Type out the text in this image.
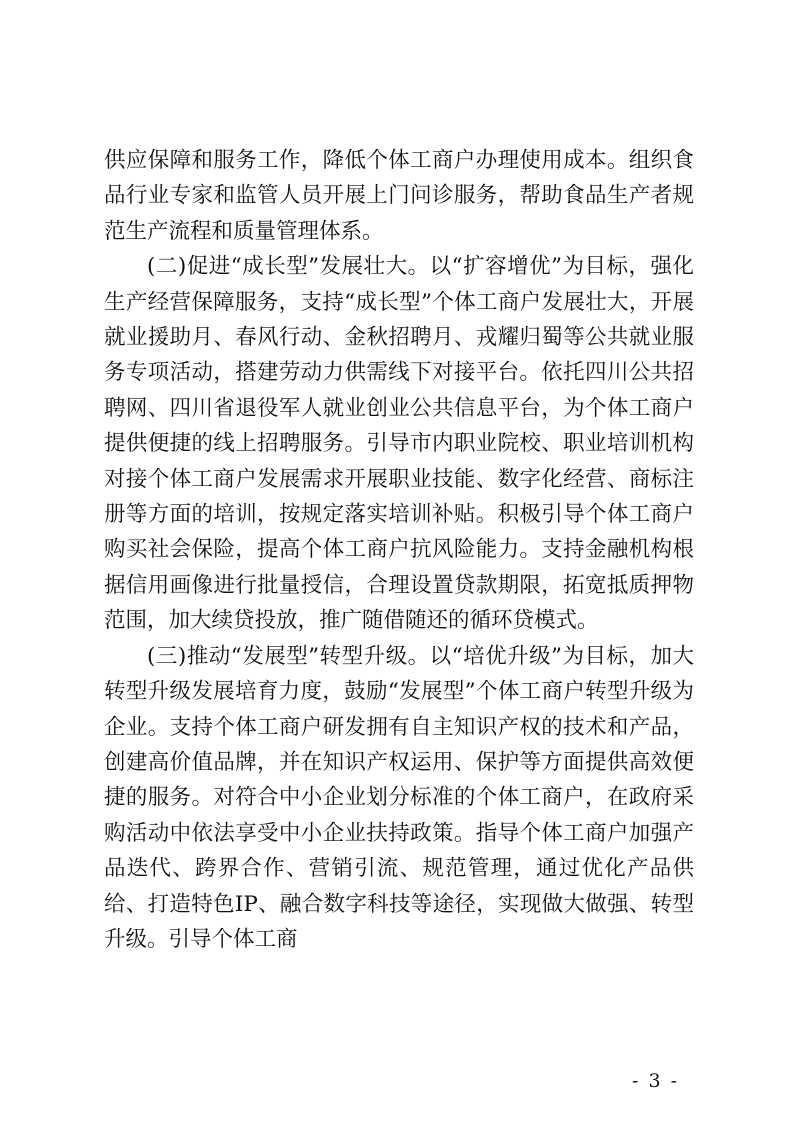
供应保障和服务工作，降低个体工商户办理使用成本。组织食品行业专家和监管人员开展上门问诊服务，帮助食品生产者规范生产流程和质量管理体系。

(二)促进“成长型”发展壮大。以“扩容增优”为目标，强化生产经营保障服务，支持“成长型”个体工商户发展壮大，开展就业援助月、春风行动、金秋招聘月、戎耀归蜀等公共就业服务专项活动，搭建劳动力供需线下对接平台。依托四川公共招聘网、四川省退役军人就业创业公共信息平台，为个体工商户提供便捷的线上招聘服务。引导市内职业院校、职业培训机构对接个体工商户发展需求开展职业技能、数字化经营、商标注册等方面的培训，按规定落实培训补贴。积极引导个体工商户购买社会保险，提高个体工商户抗风险能力。支持金融机构根据信用画像进行批量授信，合理设置贷款期限，拓宽抵质押物范围，加大续贷投放，推广随借随还的循环贷模式。

(三)推动“发展型”转型升级。以“培优升级”为目标，加大转型升级发展培育力度，鼓励“发展型”个体工商户转型升级为企业。支持个体工商户研发拥有自主知识产权的技术和产品，创建高价值品牌，并在知识产权运用、保护等方面提供高效便捷的服务。对符合中小企业划分标准的个体工商户，在政府采购活动中依法享受中小企业扶持政策。指导个体工商户加强产品迭代、跨界合作、营销引流、规范管理，通过优化产品供给、打造特色IP、融合数字科技等途径，实现做大做强、转型升级。引导个体工商

- 3 -
